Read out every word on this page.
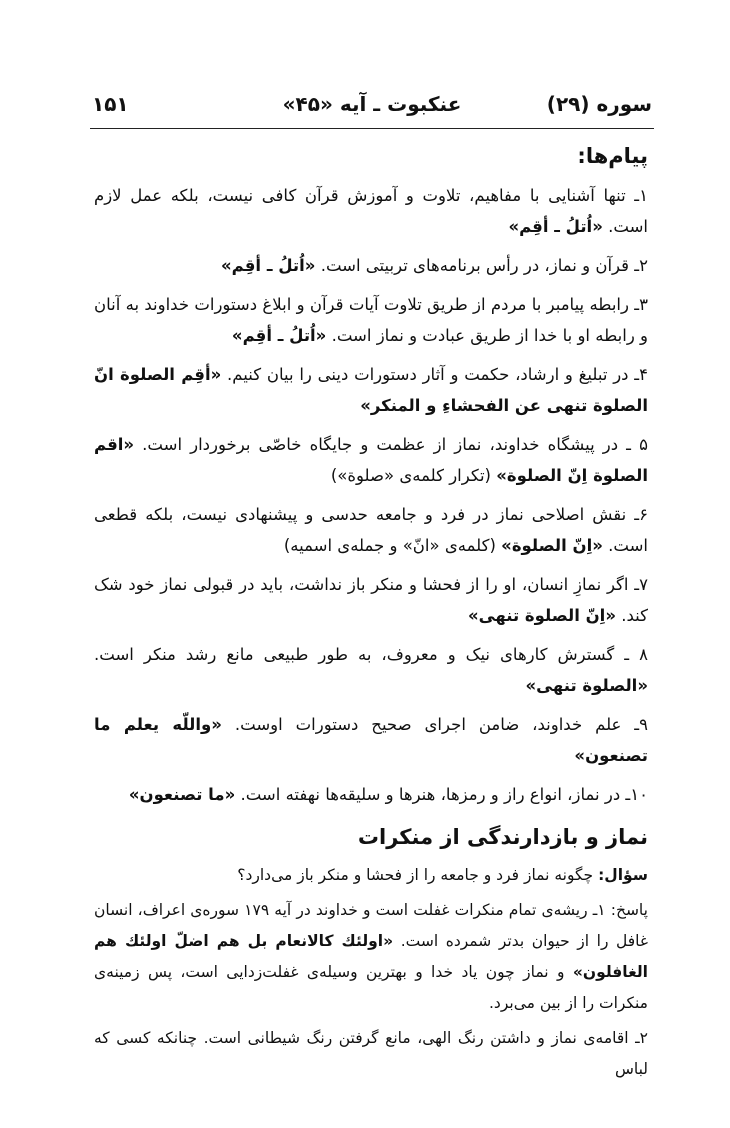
سوره (۲۹)
عنکبوت ـ آیه «۴۵»
۱۵۱
پیام‌ها:
۱ـ تنها آشنایی با مفاهیم، تلاوت و آموزش قرآن کافی نیست، بلکه عمل لازم است. «اُتلُ ـ أقِم»
۲ـ قرآن و نماز، در رأس برنامه‌های تربیتی است. «اُتلُ ـ أقِم»
۳ـ رابطه پیامبر با مردم از طریق تلاوت آیات قرآن و ابلاغ دستورات خداوند به آنان و رابطه او با خدا از طریق عبادت و نماز است. «اُتلُ ـ أقِم»
۴ـ در تبلیغ و ارشاد، حکمت و آثار دستورات دینی را بیان کنیم. «أقِم الصلوة انّ الصلوة تنهی عن الفحشاءِ و المنکر»
۵ ـ در پیشگاه خداوند، نماز از عظمت و جایگاه خاصّی برخوردار است. «اقم الصلوة اِنّ الصلوة» (تکرار کلمه‌ی «صلوة»)
۶ـ نقش اصلاحی نماز در فرد و جامعه حدسی و پیشنهادی نیست، بلکه قطعی است. «اِنّ الصلوة» (کلمه‌ی «انّ» و جمله‌ی اسمیه)
۷ـ اگر نمازِ انسان، او را از فحشا و منکر باز نداشت، باید در قبولی نماز خود شک کند. «اِنّ الصلوة تنهی»
۸ ـ گسترش کارهای نیک و معروف، به طور طبیعی مانع رشد منکر است. «الصلوة تنهی»
۹ـ علم خداوند، ضامن اجرای صحیح دستورات اوست. «واللّه یعلم ما تصنعون»
۱۰ـ در نماز، انواع راز و رمزها، هنرها و سلیقه‌ها نهفته است. «ما تصنعون»
نماز و بازدارندگی از منکرات
سؤال: چگونه نماز فرد و جامعه را از فحشا و منکر باز می‌دارد؟
پاسخ: ۱ـ ریشه‌ی تمام منکرات غفلت است و خداوند در آیه ۱۷۹ سوره‌ی اعراف، انسان غافل را از حیوان بدتر شمرده است. «اولئك كالانعام بل هم اضلّ اولئك هم الغافلون» و نماز چون یاد خدا و بهترین وسیله‌ی غفلت‌زدایی است، پس زمینه‌ی منکرات را از بین می‌برد.
۲ـ اقامه‌ی نماز و داشتن رنگ الهی، مانع گرفتن رنگ شیطانی است. چنانکه کسی که لباس
